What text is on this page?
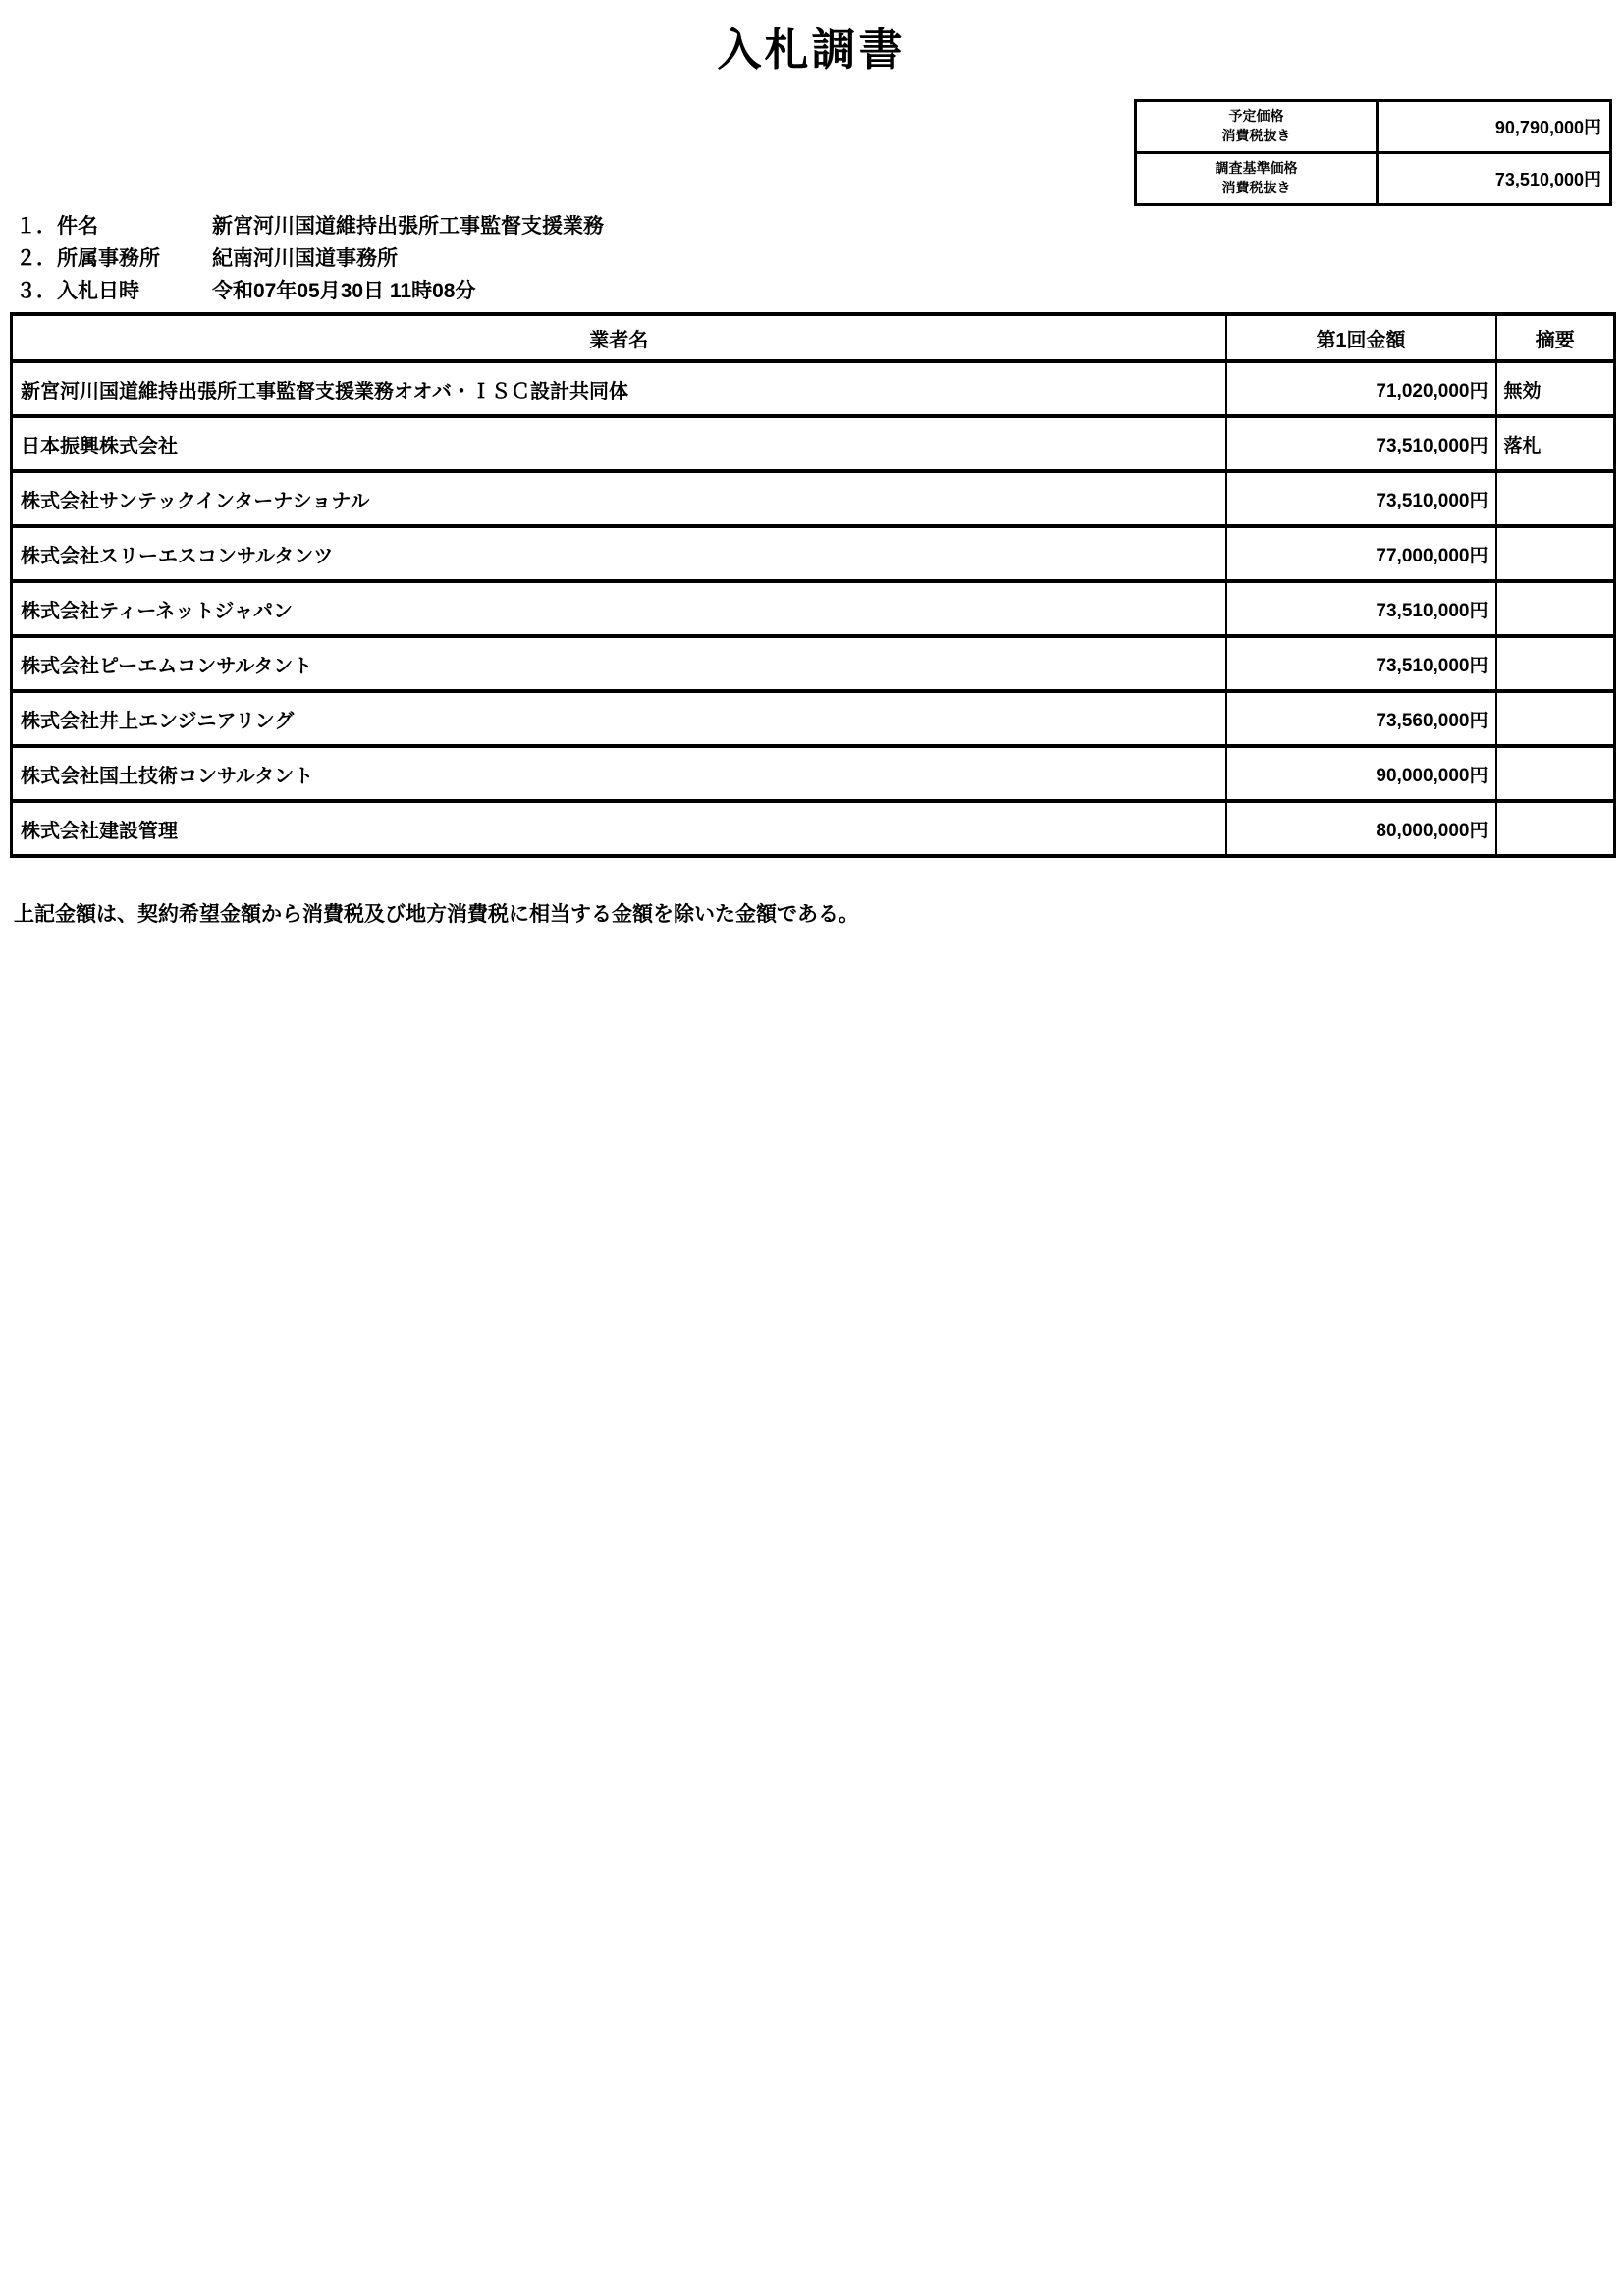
入札調書
予定価格
消費税抜き	90,790,000円

調査基準価格
消費税抜き	73,510,000円
１．件名	新宮河川国道維持出張所工事監督支援業務
２．所属事務所	紀南河川国道事務所
３．入札日時	令和07年05月30日 11時08分
業者名	第1回金額	摘要
新宮河川国道維持出張所工事監督支援業務オオバ・ＩＳＣ設計共同体	71,020,000円	無効
日本振興株式会社	73,510,000円	落札
株式会社サンテックインターナショナル	73,510,000円	
株式会社スリーエスコンサルタンツ	77,000,000円	
株式会社ティーネットジャパン	73,510,000円	
株式会社ピーエムコンサルタント	73,510,000円	
株式会社井上エンジニアリング	73,560,000円	
株式会社国土技術コンサルタント	90,000,000円	
株式会社建設管理	80,000,000円	
上記金額は、契約希望金額から消費税及び地方消費税に相当する金額を除いた金額である。
